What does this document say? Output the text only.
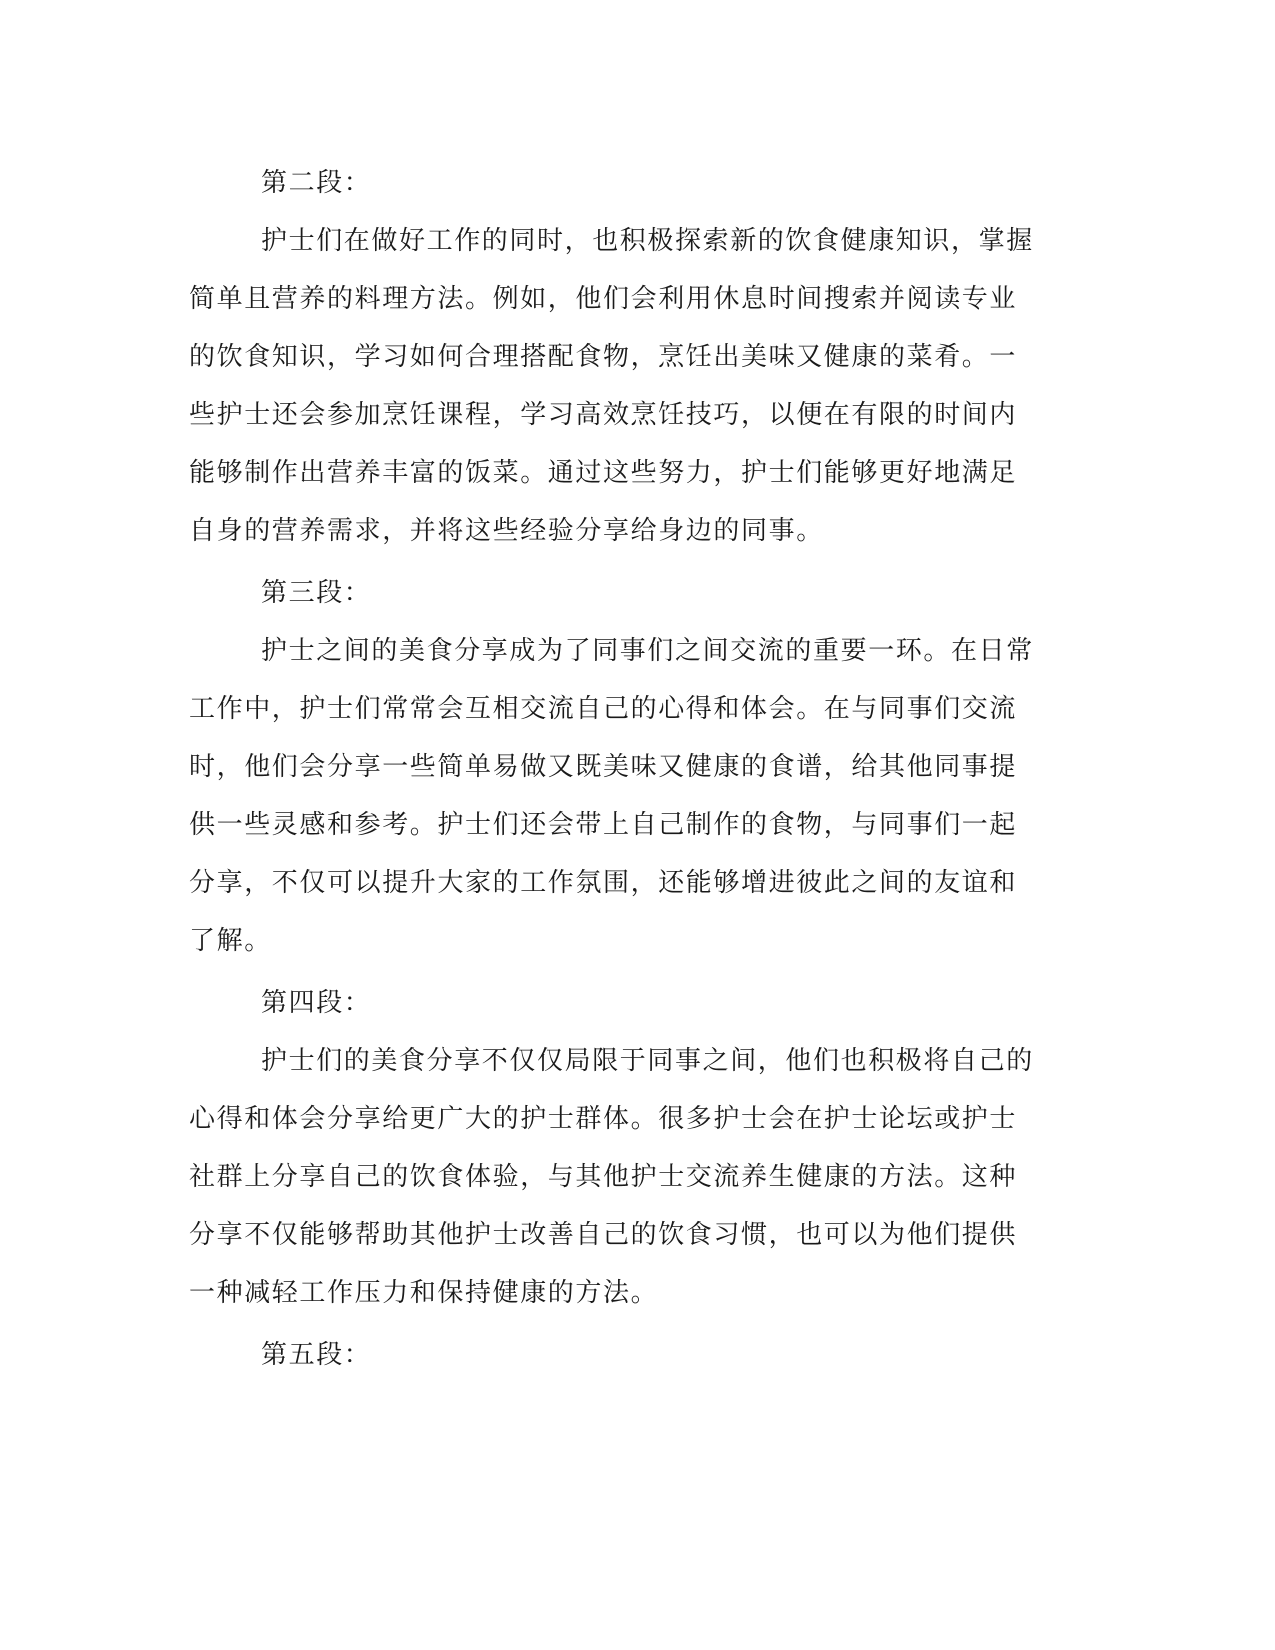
第二段：

护士们在做好工作的同时，也积极探索新的饮食健康知识，掌握

简单且营养的料理方法。例如，他们会利用休息时间搜索并阅读专业

的饮食知识，学习如何合理搭配食物，烹饪出美味又健康的菜肴。一

些护士还会参加烹饪课程，学习高效烹饪技巧，以便在有限的时间内

能够制作出营养丰富的饭菜。通过这些努力，护士们能够更好地满足

自身的营养需求，并将这些经验分享给身边的同事。

第三段：

护士之间的美食分享成为了同事们之间交流的重要一环。在日常

工作中，护士们常常会互相交流自己的心得和体会。在与同事们交流

时，他们会分享一些简单易做又既美味又健康的食谱，给其他同事提

供一些灵感和参考。护士们还会带上自己制作的食物，与同事们一起

分享，不仅可以提升大家的工作氛围，还能够增进彼此之间的友谊和

了解。

第四段：

护士们的美食分享不仅仅局限于同事之间，他们也积极将自己的

心得和体会分享给更广大的护士群体。很多护士会在护士论坛或护士

社群上分享自己的饮食体验，与其他护士交流养生健康的方法。这种

分享不仅能够帮助其他护士改善自己的饮食习惯，也可以为他们提供

一种减轻工作压力和保持健康的方法。

第五段：
